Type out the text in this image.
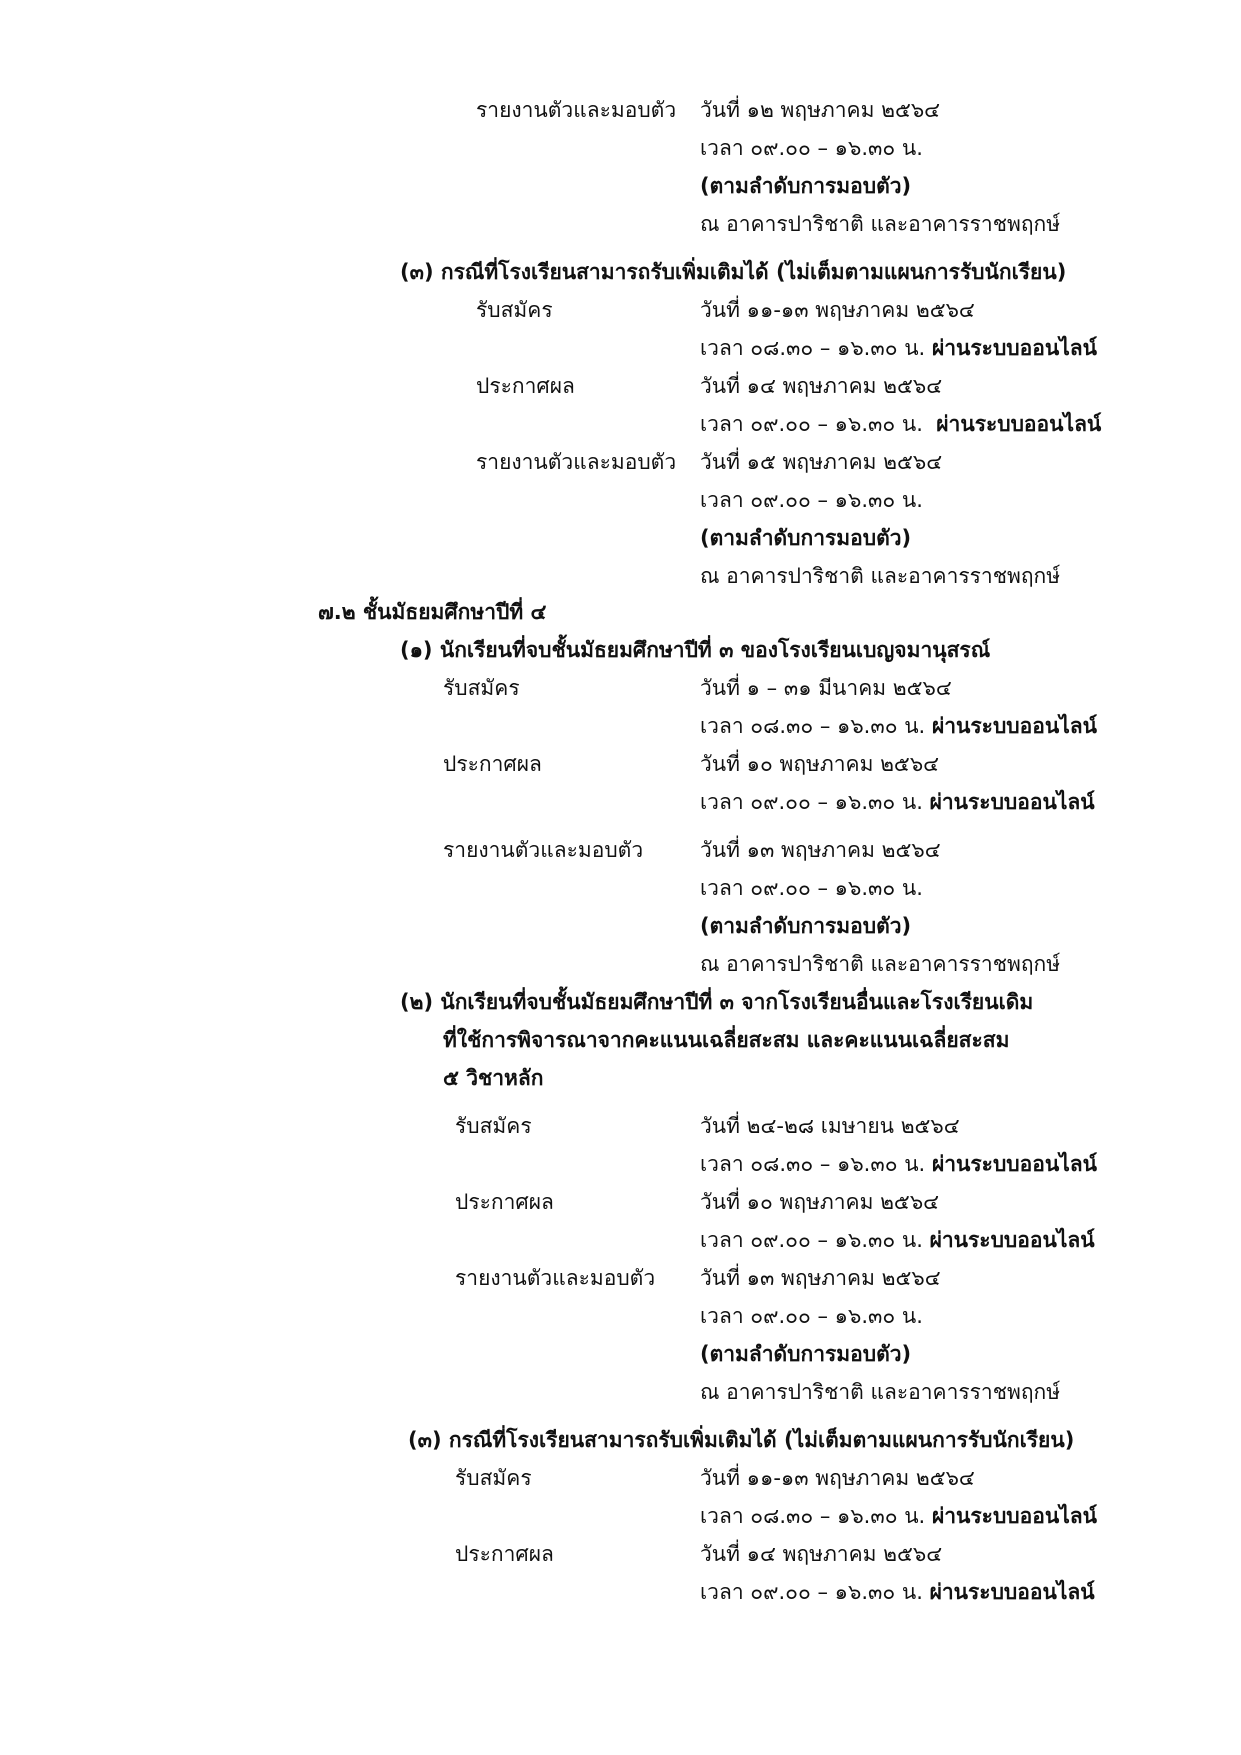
รายงานตัวและมอบตัว วันที่ ๑๒ พฤษภาคม ๒๕๖๔
เวลา ๐๙.๐๐ – ๑๖.๓๐ น.
(ตามลำดับการมอบตัว)
ณ อาคารปาริชาติ และอาคารราชพฤกษ์
(๓) กรณีที่โรงเรียนสามารถรับเพิ่มเติมได้ (ไม่เต็มตามแผนการรับนักเรียน)
รับสมัคร	วันที่ ๑๑-๑๓ พฤษภาคม ๒๕๖๔
เวลา ๐๘.๓๐ – ๑๖.๓๐ น. ผ่านระบบออนไลน์
ประกาศผล	วันที่ ๑๔ พฤษภาคม ๒๕๖๔
เวลา ๐๙.๐๐ – ๑๖.๓๐ น. ผ่านระบบออนไลน์
รายงานตัวและมอบตัว วันที่ ๑๕ พฤษภาคม ๒๕๖๔
เวลา ๐๙.๐๐ – ๑๖.๓๐ น.
(ตามลำดับการมอบตัว)
ณ อาคารปาริชาติ และอาคารราชพฤกษ์
๗.๒ ชั้นมัธยมศึกษาปีที่ ๔
(๑) นักเรียนที่จบชั้นมัธยมศึกษาปีที่ ๓ ของโรงเรียนเบญจมานุสรณ์
รับสมัคร	วันที่ ๑ – ๓๑ มีนาคม ๒๕๖๔
เวลา ๐๘.๓๐ – ๑๖.๓๐ น. ผ่านระบบออนไลน์
ประกาศผล	วันที่ ๑๐ พฤษภาคม ๒๕๖๔
เวลา ๐๙.๐๐ – ๑๖.๓๐ น. ผ่านระบบออนไลน์
รายงานตัวและมอบตัว	วันที่ ๑๓ พฤษภาคม ๒๕๖๔
เวลา ๐๙.๐๐ – ๑๖.๓๐ น.
(ตามลำดับการมอบตัว)
ณ อาคารปาริชาติ และอาคารราชพฤกษ์
(๒) นักเรียนที่จบชั้นมัธยมศึกษาปีที่ ๓ จากโรงเรียนอื่นและโรงเรียนเดิม
ที่ใช้การพิจารณาจากคะแนนเฉลี่ยสะสม และคะแนนเฉลี่ยสะสม
๕ วิชาหลัก
รับสมัคร	วันที่ ๒๔-๒๘ เมษายน ๒๕๖๔
เวลา ๐๘.๓๐ – ๑๖.๓๐ น. ผ่านระบบออนไลน์
ประกาศผล	วันที่ ๑๐ พฤษภาคม ๒๕๖๔
เวลา ๐๙.๐๐ – ๑๖.๓๐ น. ผ่านระบบออนไลน์
รายงานตัวและมอบตัว วันที่ ๑๓ พฤษภาคม ๒๕๖๔
เวลา ๐๙.๐๐ – ๑๖.๓๐ น.
(ตามลำดับการมอบตัว)
ณ อาคารปาริชาติ และอาคารราชพฤกษ์
(๓) กรณีที่โรงเรียนสามารถรับเพิ่มเติมได้ (ไม่เต็มตามแผนการรับนักเรียน)
รับสมัคร	วันที่ ๑๑-๑๓ พฤษภาคม ๒๕๖๔
เวลา ๐๘.๓๐ – ๑๖.๓๐ น. ผ่านระบบออนไลน์
ประกาศผล	วันที่ ๑๔ พฤษภาคม ๒๕๖๔
เวลา ๐๙.๐๐ – ๑๖.๓๐ น. ผ่านระบบออนไลน์
